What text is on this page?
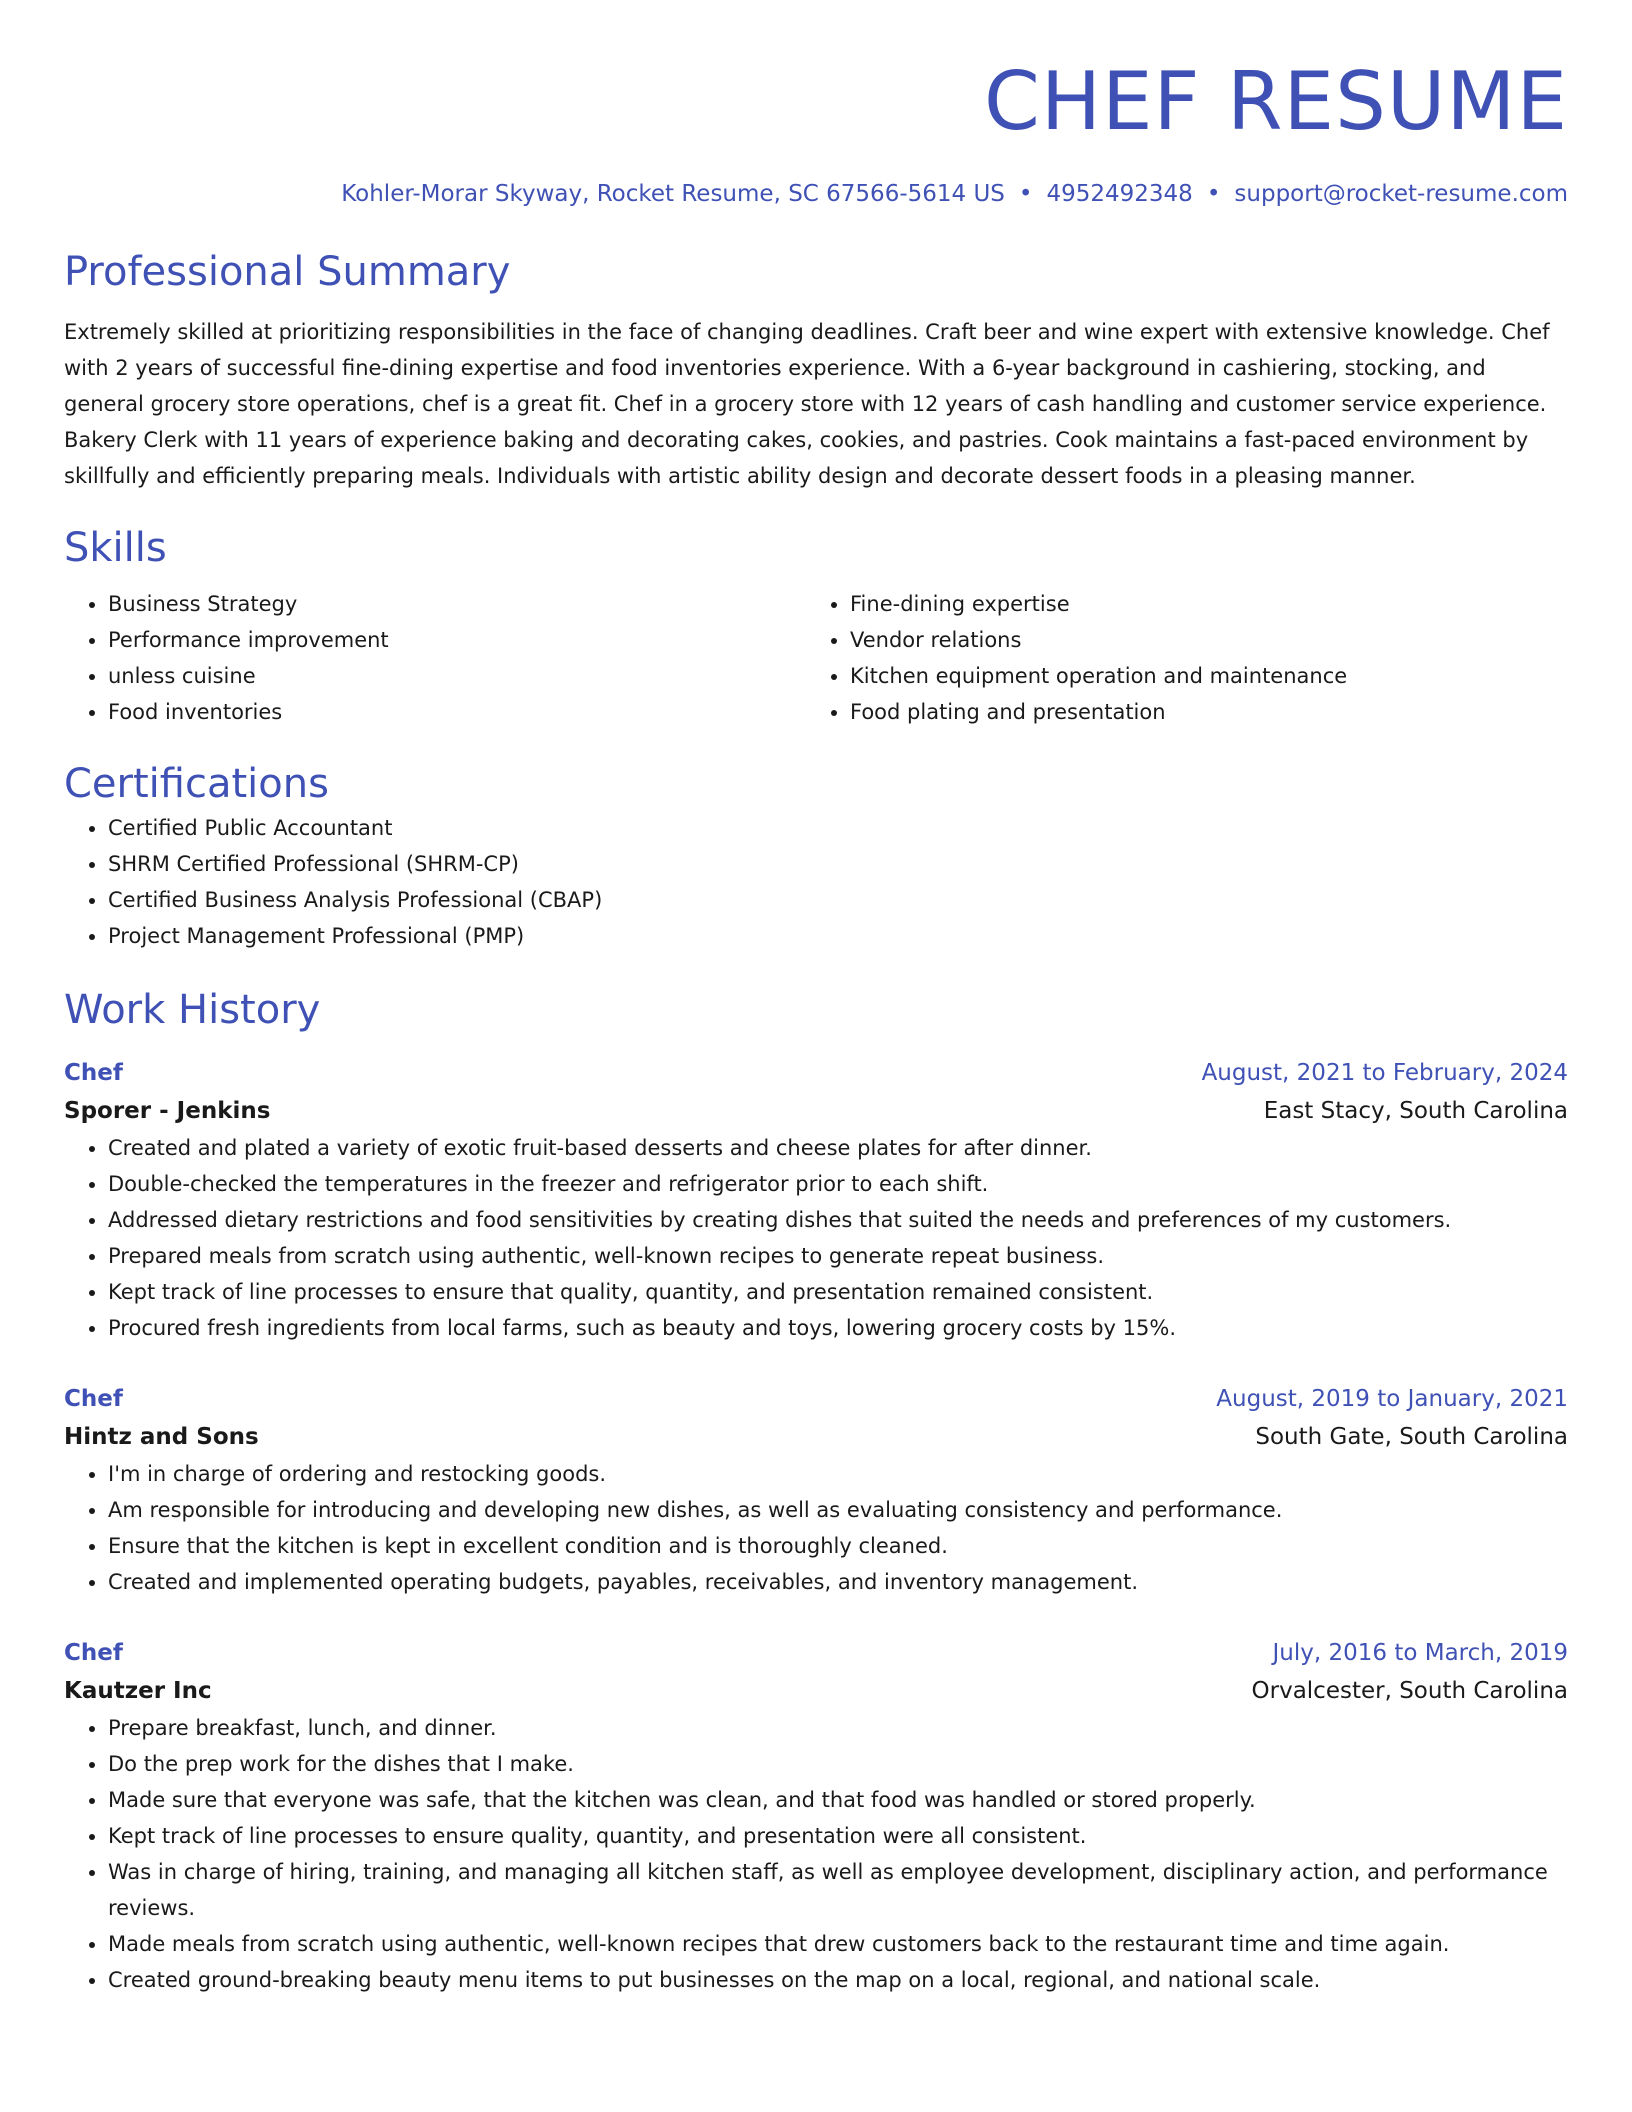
CHEF RESUME
Kohler-Morar Skyway, Rocket Resume, SC 67566-5614 US • 4952492348 • support@rocket-resume.com
Professional Summary

Extremely skilled at prioritizing responsibilities in the face of changing deadlines. Craft beer and wine expert with extensive knowledge. Chef with 2 years of successful fine-dining expertise and food inventories experience. With a 6-year background in cashiering, stocking, and general grocery store operations, chef is a great fit. Chef in a grocery store with 12 years of cash handling and customer service experience. Bakery Clerk with 11 years of experience baking and decorating cakes, cookies, and pastries. Cook maintains a fast-paced environment by skillfully and efficiently preparing meals. Individuals with artistic ability design and decorate dessert foods in a pleasing manner.

Skills
• Business Strategy
• Performance improvement
• unless cuisine
• Food inventories
• Fine-dining expertise
• Vendor relations
• Kitchen equipment operation and maintenance
• Food plating and presentation
Certifications
• Certified Public Accountant
• SHRM Certified Professional (SHRM-CP)
• Certified Business Analysis Professional (CBAP)
• Project Management Professional (PMP)
Work History
Chef	August, 2021 to February, 2024
Sporer - Jenkins	East Stacy, South Carolina
• Created and plated a variety of exotic fruit-based desserts and cheese plates for after dinner.
• Double-checked the temperatures in the freezer and refrigerator prior to each shift.
• Addressed dietary restrictions and food sensitivities by creating dishes that suited the needs and preferences of my customers.
• Prepared meals from scratch using authentic, well-known recipes to generate repeat business.
• Kept track of line processes to ensure that quality, quantity, and presentation remained consistent.
• Procured fresh ingredients from local farms, such as beauty and toys, lowering grocery costs by 15%.
Chef	August, 2019 to January, 2021
Hintz and Sons	South Gate, South Carolina
• I'm in charge of ordering and restocking goods.
• Am responsible for introducing and developing new dishes, as well as evaluating consistency and performance.
• Ensure that the kitchen is kept in excellent condition and is thoroughly cleaned.
• Created and implemented operating budgets, payables, receivables, and inventory management.
Chef	July, 2016 to March, 2019
Kautzer Inc	Orvalcester, South Carolina
• Prepare breakfast, lunch, and dinner.
• Do the prep work for the dishes that I make.
• Made sure that everyone was safe, that the kitchen was clean, and that food was handled or stored properly.
• Kept track of line processes to ensure quality, quantity, and presentation were all consistent.
• Was in charge of hiring, training, and managing all kitchen staff, as well as employee development, disciplinary action, and performance reviews.
• Made meals from scratch using authentic, well-known recipes that drew customers back to the restaurant time and time again.
• Created ground-breaking beauty menu items to put businesses on the map on a local, regional, and national scale.
